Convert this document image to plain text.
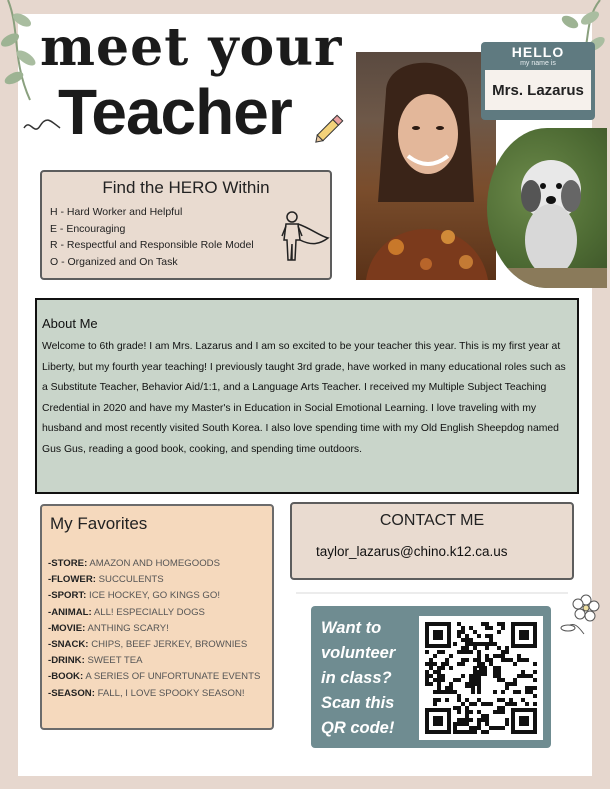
meet your
Teacher
Find the HERO Within
H - Hard Worker and Helpful
E - Encouraging
R - Respectful and Responsible Role Model
O - Organized and On Task
HELLO
my name is
Mrs. Lazarus
About Me
Welcome to 6th grade! I am Mrs. Lazarus and I am so excited to be your teacher this year. This is my first year at Liberty, but my fourth year teaching! I previously taught 3rd grade, have worked in many educational roles such as a Substitute Teacher, Behavior Aid/1:1, and a Language Arts Teacher. I received my Multiple Subject Teaching Credential in 2020 and have my Master's in Education in Social Emotional Learning. I love traveling with my husband and most recently visited South Korea. I also love spending time with my Old English Sheepdog named Gus Gus, reading a good book, cooking, and spending time outdoors.
My Favorites
-STORE: AMAZON AND HOMEGOODS
-FLOWER: SUCCULENTS
-SPORT: ICE HOCKEY, GO KINGS GO!
-ANIMAL: ALL! ESPECIALLY DOGS
-MOVIE: ANTHING SCARY!
-SNACK: CHIPS, BEEF JERKEY, BROWNIES
-DRINK: SWEET TEA
-BOOK: A SERIES OF UNFORTUNATE EVENTS
-SEASON: FALL, I LOVE SPOOKY SEASON!
CONTACT ME
taylor_lazarus@chino.k12.ca.us
Want to
volunteer
in class?
Scan this
QR code!
